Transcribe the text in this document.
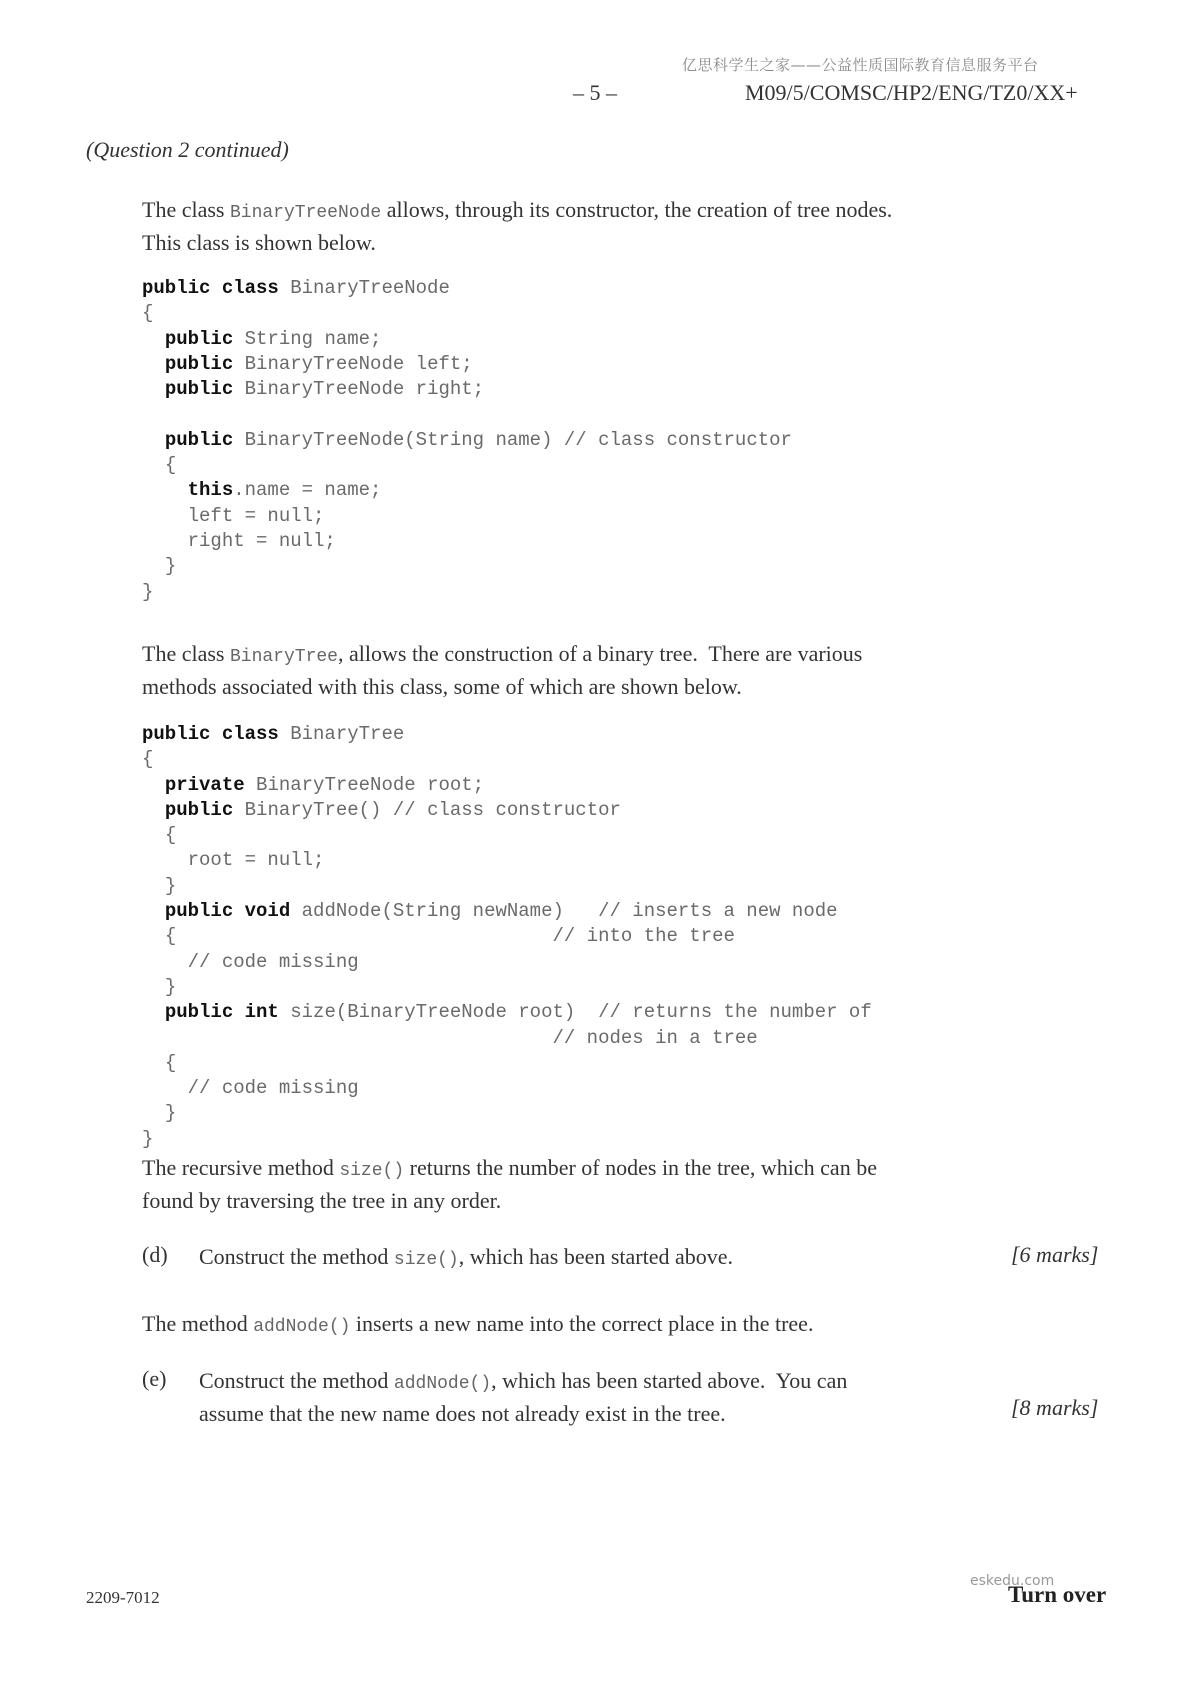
亿思科学生之家——公益性质国际教育信息服务平台
– 5 –	M09/5/COMSC/HP2/ENG/TZ0/XX+
(Question 2 continued)
The class BinaryTreeNode allows, through its constructor, the creation of tree nodes.
This class is shown below.
public class BinaryTreeNode
{
public String name;
public BinaryTreeNode left;
public BinaryTreeNode right;

public BinaryTreeNode(String name) // class constructor
{
this.name = name;
left = null;
right = null;
}
}
The class BinaryTree, allows the construction of a binary tree.  There are various
methods associated with this class, some of which are shown below.
public class BinaryTree
{
private BinaryTreeNode root;
public BinaryTree() // class constructor
{
root = null;
}
public void addNode(String newName)   // inserts a new node
{                                 // into the tree
// code missing
}
public int size(BinaryTreeNode root)  // returns the number of
// nodes in a tree
{
// code missing
}
}
The recursive method size() returns the number of nodes in the tree, which can be
found by traversing the tree in any order.
(d) Construct the method size(), which has been started above.	[6 marks]
The method addNode() inserts a new name into the correct place in the tree.
(e) Construct the method addNode(), which has been started above.  You can
assume that the new name does not already exist in the tree.	[8 marks]
2209-7012
eskedu.com
Turn over
